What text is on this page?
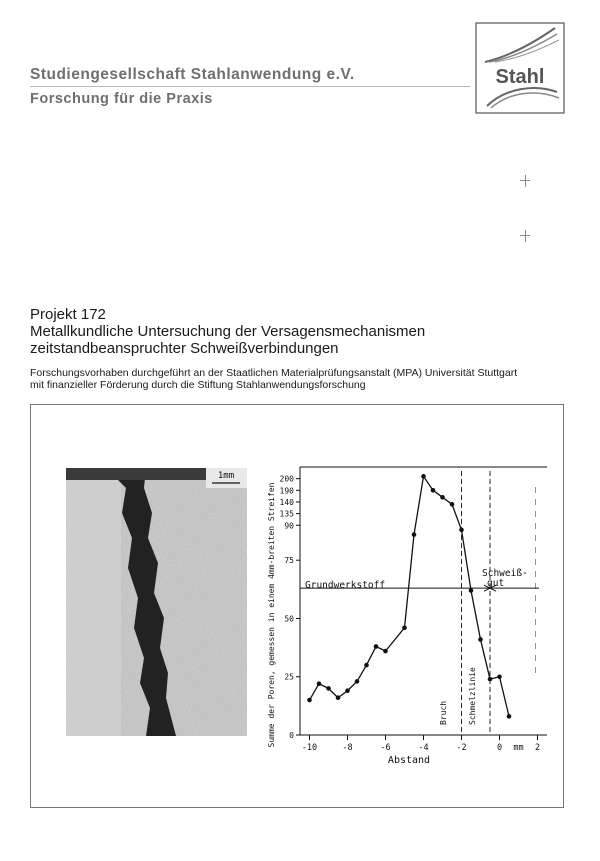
Studiengesellschaft Stahlanwendung e.V.
Forschung für die Praxis
Stahl

Projekt 172

Metallkundliche Untersuchung der Versagensmechanismen

zeitstandbeanspruchter Schweißverbindungen

Forschungsvorhaben durchgeführt an der Staatlichen Materialprüfungsanstalt (MPA) Universität Stuttgart

mit finanzieller Förderung durch die Stiftung Stahlanwendungsforschung

1mm
0
25
50
75
90
135
140
190
200
-10	-8	-6	-4	-2	0 mm 2
Summe der Poren, gemessen in einem 4mm-breiten Streifen
Abstand
Grundwerkstoff
Schweiß-
gut
Bruch	Schmelzlinie
